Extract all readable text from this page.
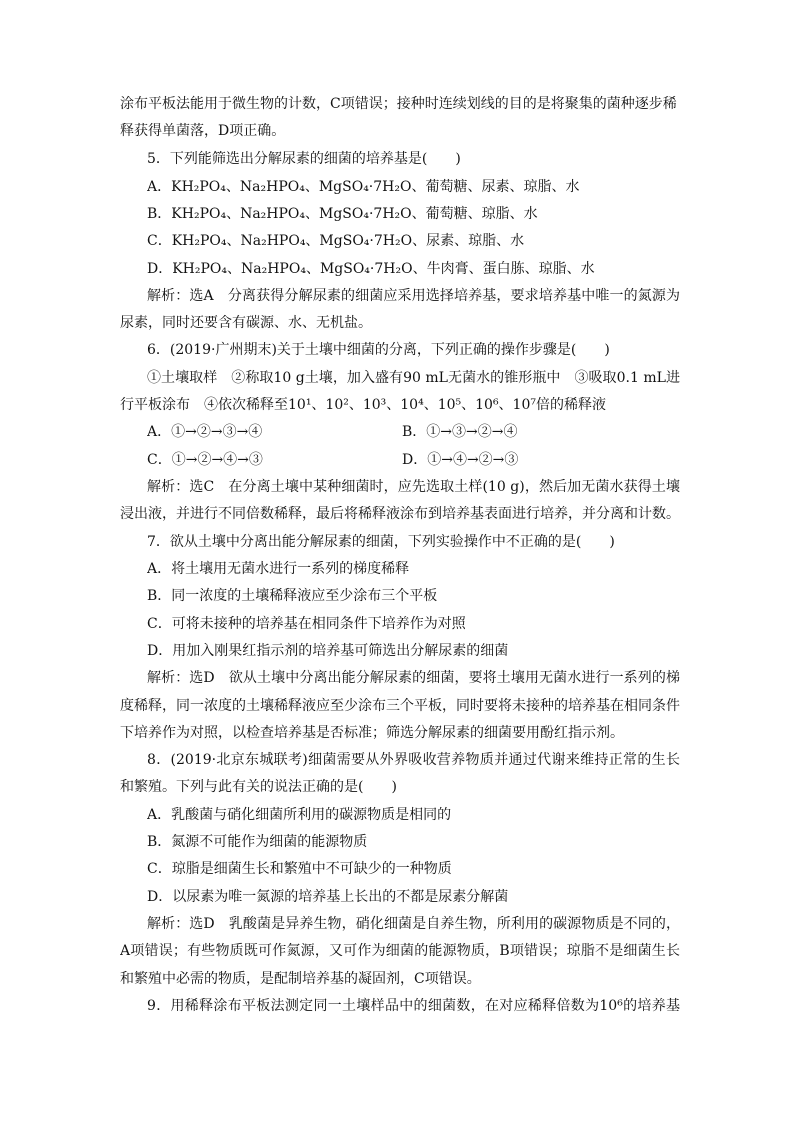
涂布平板法能用于微生物的计数，C项错误；接种时连续划线的目的是将聚集的菌种逐步稀
释获得单菌落，D项正确。
5．下列能筛选出分解尿素的细菌的培养基是(　　)
A．KH₂PO₄、Na₂HPO₄、MgSO₄·7H₂O、葡萄糖、尿素、琼脂、水
B．KH₂PO₄、Na₂HPO₄、MgSO₄·7H₂O、葡萄糖、琼脂、水
C．KH₂PO₄、Na₂HPO₄、MgSO₄·7H₂O、尿素、琼脂、水
D．KH₂PO₄、Na₂HPO₄、MgSO₄·7H₂O、牛肉膏、蛋白胨、琼脂、水
解析：选A　分离获得分解尿素的细菌应采用选择培养基，要求培养基中唯一的氮源为
尿素，同时还要含有碳源、水、无机盐。
6．(2019·广州期末)关于土壤中细菌的分离，下列正确的操作步骤是(　　)
①土壤取样　②称取10 g土壤，加入盛有90 mL无菌水的锥形瓶中　③吸取0.1 mL进
行平板涂布　④依次稀释至10¹、10²、10³、10⁴、10⁵、10⁶、10⁷倍的稀释液
A．①→②→③→④	B．①→③→②→④
C．①→②→④→③	D．①→④→②→③
解析：选C　在分离土壤中某种细菌时，应先选取土样(10 g)，然后加无菌水获得土壤
浸出液，并进行不同倍数稀释，最后将稀释液涂布到培养基表面进行培养，并分离和计数。
7．欲从土壤中分离出能分解尿素的细菌，下列实验操作中不正确的是(　　)
A．将土壤用无菌水进行一系列的梯度稀释
B．同一浓度的土壤稀释液应至少涂布三个平板
C．可将未接种的培养基在相同条件下培养作为对照
D．用加入刚果红指示剂的培养基可筛选出分解尿素的细菌
解析：选D　欲从土壤中分离出能分解尿素的细菌，要将土壤用无菌水进行一系列的梯
度稀释，同一浓度的土壤稀释液应至少涂布三个平板，同时要将未接种的培养基在相同条件
下培养作为对照，以检查培养基是否标准；筛选分解尿素的细菌要用酚红指示剂。
8．(2019·北京东城联考)细菌需要从外界吸收营养物质并通过代谢来维持正常的生长
和繁殖。下列与此有关的说法正确的是(　　)
A．乳酸菌与硝化细菌所利用的碳源物质是相同的
B．氮源不可能作为细菌的能源物质
C．琼脂是细菌生长和繁殖中不可缺少的一种物质
D．以尿素为唯一氮源的培养基上长出的不都是尿素分解菌
解析：选D　乳酸菌是异养生物，硝化细菌是自养生物，所利用的碳源物质是不同的，
A项错误；有些物质既可作氮源，又可作为细菌的能源物质，B项错误；琼脂不是细菌生长
和繁殖中必需的物质，是配制培养基的凝固剂，C项错误。
9．用稀释涂布平板法测定同一土壤样品中的细菌数，在对应稀释倍数为10⁶的培养基
